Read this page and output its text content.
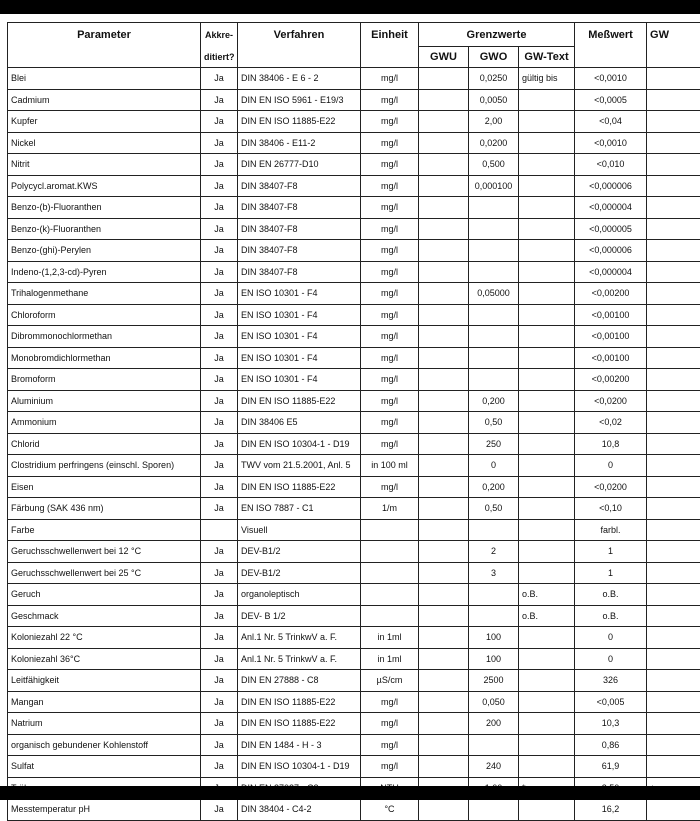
Parameter	Akkre-	Verfahren	Einheit	Grenzwerte			Meßwert	GW
	ditiert?			GWU	GWO	GW-Text		
Blei	Ja	DIN 38406 - E 6 - 2	mg/l		0,0250	gültig bis	<0,0010	
Cadmium	Ja	DIN EN ISO 5961 - E19/3	mg/l		0,0050		<0,0005	
Kupfer	Ja	DIN EN ISO 11885-E22	mg/l		2,00		<0,04	
Nickel	Ja	DIN 38406 - E11-2	mg/l		0,0200		<0,0010	
Nitrit	Ja	DIN EN 26777-D10	mg/l		0,500		<0,010	
Polycycl.aromat.KWS	Ja	DIN 38407-F8	mg/l		0,000100		<0,000006	
Benzo-(b)-Fluoranthen	Ja	DIN 38407-F8	mg/l				<0,000004	
Benzo-(k)-Fluoranthen	Ja	DIN 38407-F8	mg/l				<0,000005	
Benzo-(ghi)-Perylen	Ja	DIN 38407-F8	mg/l				<0,000006	
Indeno-(1,2,3-cd)-Pyren	Ja	DIN 38407-F8	mg/l				<0,000004	
Trihalogenmethane	Ja	EN ISO 10301 - F4	mg/l		0,05000		<0,00200	
Chloroform	Ja	EN ISO 10301 - F4	mg/l				<0,00100	
Dibrommonochlormethan	Ja	EN ISO 10301 - F4	mg/l				<0,00100	
Monobromdichlormethan	Ja	EN ISO 10301 - F4	mg/l				<0,00100	
Bromoform	Ja	EN ISO 10301 - F4	mg/l				<0,00200	
Aluminium	Ja	DIN EN ISO 11885-E22	mg/l		0,200		<0,0200	
Ammonium	Ja	DIN 38406 E5	mg/l		0,50		<0,02	
Chlorid	Ja	DIN EN ISO 10304-1 - D19	mg/l		250		10,8	
Clostridium perfringens (einschl. Sporen)	Ja	TWV vom 21.5.2001, Anl. 5	in 100 ml		0		0	
Eisen	Ja	DIN EN ISO 11885-E22	mg/l		0,200		<0,0200	
Färbung (SAK 436 nm)	Ja	EN ISO 7887 - C1	1/m		0,50		<0,10	
Farbe		Visuell					farbl.	
Geruchsschwellenwert bei 12 °C	Ja	DEV-B1/2			2		1	
Geruchsschwellenwert bei 25 °C	Ja	DEV-B1/2			3		1	
Geruch	Ja	organoleptisch				o.B.	o.B.	
Geschmack	Ja	DEV- B 1/2				o.B.	o.B.	
Koloniezahl 22 °C	Ja	Anl.1 Nr. 5 TrinkwV a. F.	in 1ml		100		0	
Koloniezahl 36°C	Ja	Anl.1 Nr. 5 TrinkwV a. F.	in 1ml		100		0	
Leitfähigkeit	Ja	DIN EN 27888 - C8	µS/cm		2500		326	
Mangan	Ja	DIN EN ISO 11885-E22	mg/l		0,050		<0,005	
Natrium	Ja	DIN EN ISO 11885-E22	mg/l		200		10,3	
organisch gebundener Kohlenstoff	Ja	DIN EN 1484 - H - 3	mg/l				0,86	
Sulfat	Ja	DIN EN ISO 10304-1 - D19	mg/l		240		61,9	

Messtemperatur pH	Ja	DIN 38404 - C4-2	°C				16,2	
